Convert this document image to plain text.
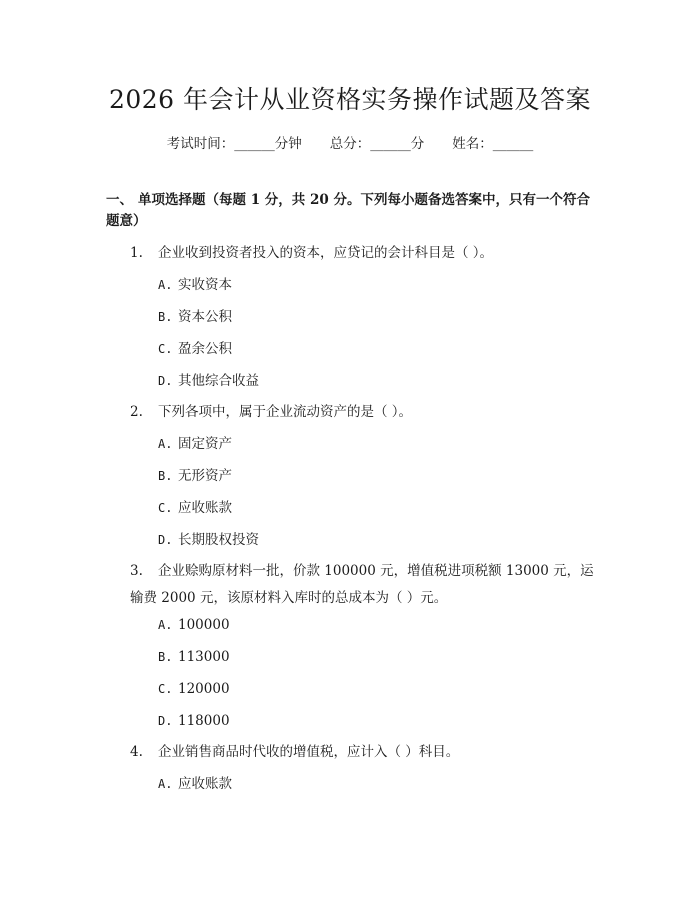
2026 年会计从业资格实务操作试题及答案
考试时间：______分钟 总分：______分 姓名：______
一、 单项选择题（每题 1 分，共 20 分。下列每小题备选答案中，只有一个符合题意）
1. 企业收到投资者投入的资本，应贷记的会计科目是（ ）。
A. 实收资本
B. 资本公积
C. 盈余公积
D. 其他综合收益
2. 下列各项中，属于企业流动资产的是（ ）。
A. 固定资产
B. 无形资产
C. 应收账款
D. 长期股权投资
3. 企业赊购原材料一批，价款 100000 元，增值税进项税额 13000 元，运输费 2000 元，该原材料入库时的总成本为（ ）元。
A. 100000
B. 113000
C. 120000
D. 118000
4. 企业销售商品时代收的增值税，应计入（ ）科目。
A. 应收账款
